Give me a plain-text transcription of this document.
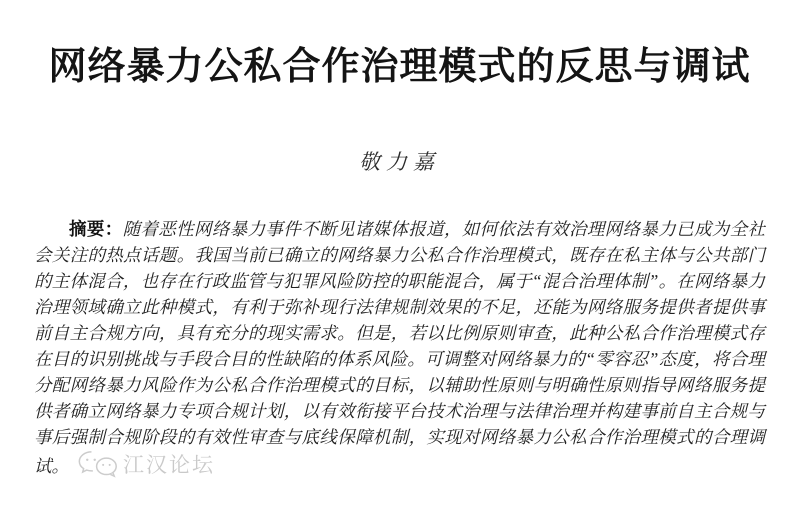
网络暴力公私合作治理模式的反思与调试
敬力嘉

摘要：随着恶性网络暴力事件不断见诸媒体报道，如何依法有效治理网络暴力已成为全社会关注的热点话题。我国当前已确立的网络暴力公私合作治理模式，既存在私主体与公共部门的主体混合，也存在行政监管与犯罪风险防控的职能混合，属于“混合治理体制”。在网络暴力治理领域确立此种模式，有利于弥补现行法律规制效果的不足，还能为网络服务提供者提供事前自主合规方向，具有充分的现实需求。但是，若以比例原则审查，此种公私合作治理模式存在目的识别挑战与手段合目的性缺陷的体系风险。可调整对网络暴力的“零容忍”态度，将合理分配网络暴力风险作为公私合作治理模式的目标，以辅助性原则与明确性原则指导网络服务提供者确立网络暴力专项合规计划，以有效衔接平台技术治理与法律治理并构建事前自主合规与事后强制合规阶段的有效性审查与底线保障机制，实现对网络暴力公私合作治理模式的合理调试。	江汉论坛
